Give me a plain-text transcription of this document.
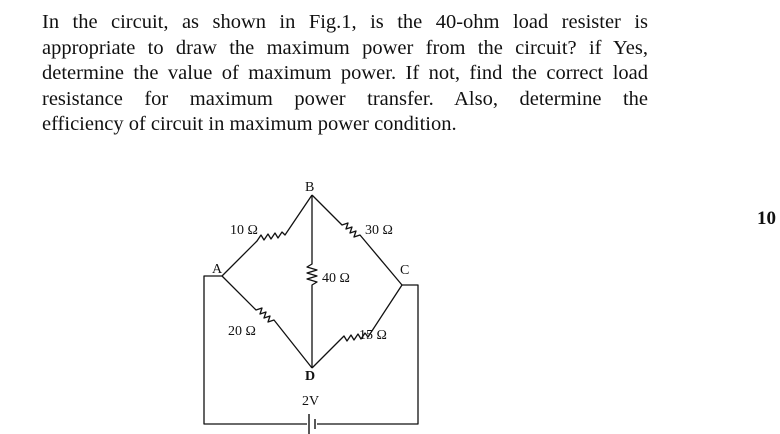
In the circuit, as shown in Fig.1, is the 40-ohm load resister is
appropriate to draw the maximum power from the circuit? if Yes,
determine the value of maximum power. If not, find the correct load
resistance for maximum power transfer. Also, determine the
efficiency of circuit in maximum power condition.
10
B
A	C
D
10 Ω	30 Ω
40 Ω
20 Ω	15 Ω
2V
